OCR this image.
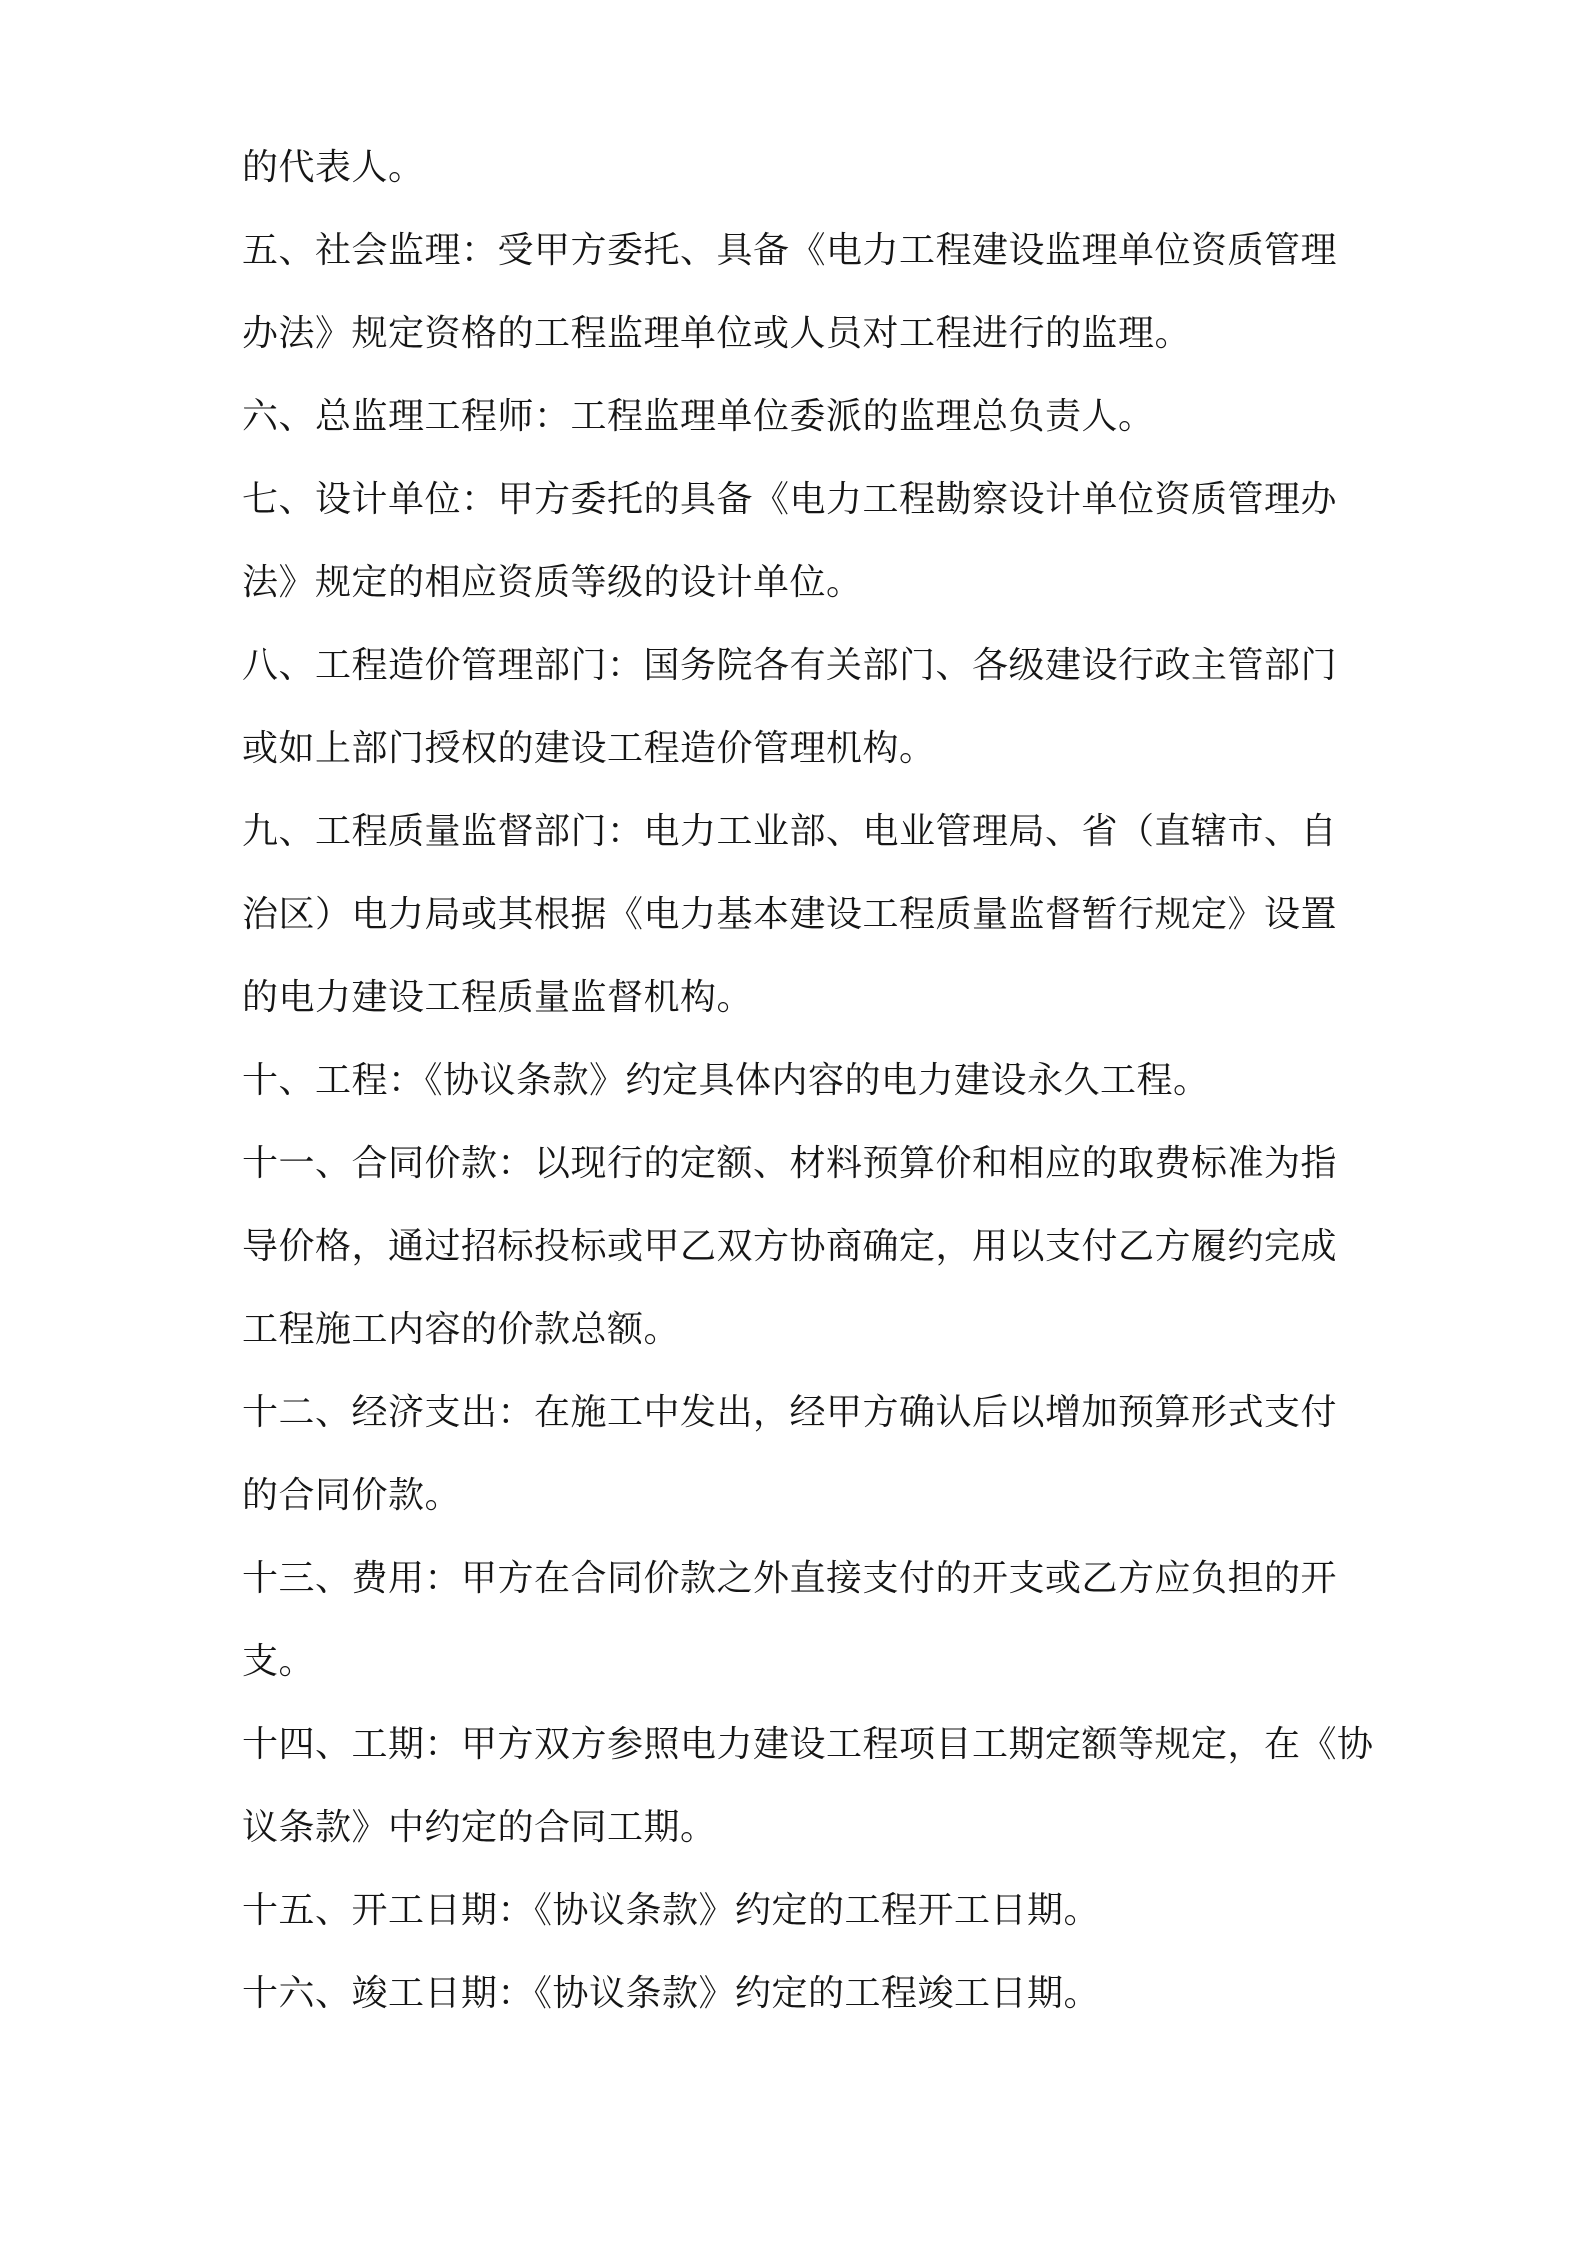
的代表人。
五、社会监理：受甲方委托、具备《电力工程建设监理单位资质管理
办法》规定资格的工程监理单位或人员对工程进行的监理。
六、总监理工程师：工程监理单位委派的监理总负责人。
七、设计单位：甲方委托的具备《电力工程勘察设计单位资质管理办
法》规定的相应资质等级的设计单位。
八、工程造价管理部门：国务院各有关部门、各级建设行政主管部门
或如上部门授权的建设工程造价管理机构。
九、工程质量监督部门：电力工业部、电业管理局、省（直辖市、自
治区）电力局或其根据《电力基本建设工程质量监督暂行规定》设置
的电力建设工程质量监督机构。
十、工程：《协议条款》约定具体内容的电力建设永久工程。
十一、合同价款：以现行的定额、材料预算价和相应的取费标准为指
导价格，通过招标投标或甲乙双方协商确定，用以支付乙方履约完成
工程施工内容的价款总额。
十二、经济支出：在施工中发出，经甲方确认后以增加预算形式支付
的合同价款。
十三、费用：甲方在合同价款之外直接支付的开支或乙方应负担的开
支。
十四、工期：甲方双方参照电力建设工程项目工期定额等规定，在《协
议条款》中约定的合同工期。
十五、开工日期：《协议条款》约定的工程开工日期。
十六、竣工日期：《协议条款》约定的工程竣工日期。
